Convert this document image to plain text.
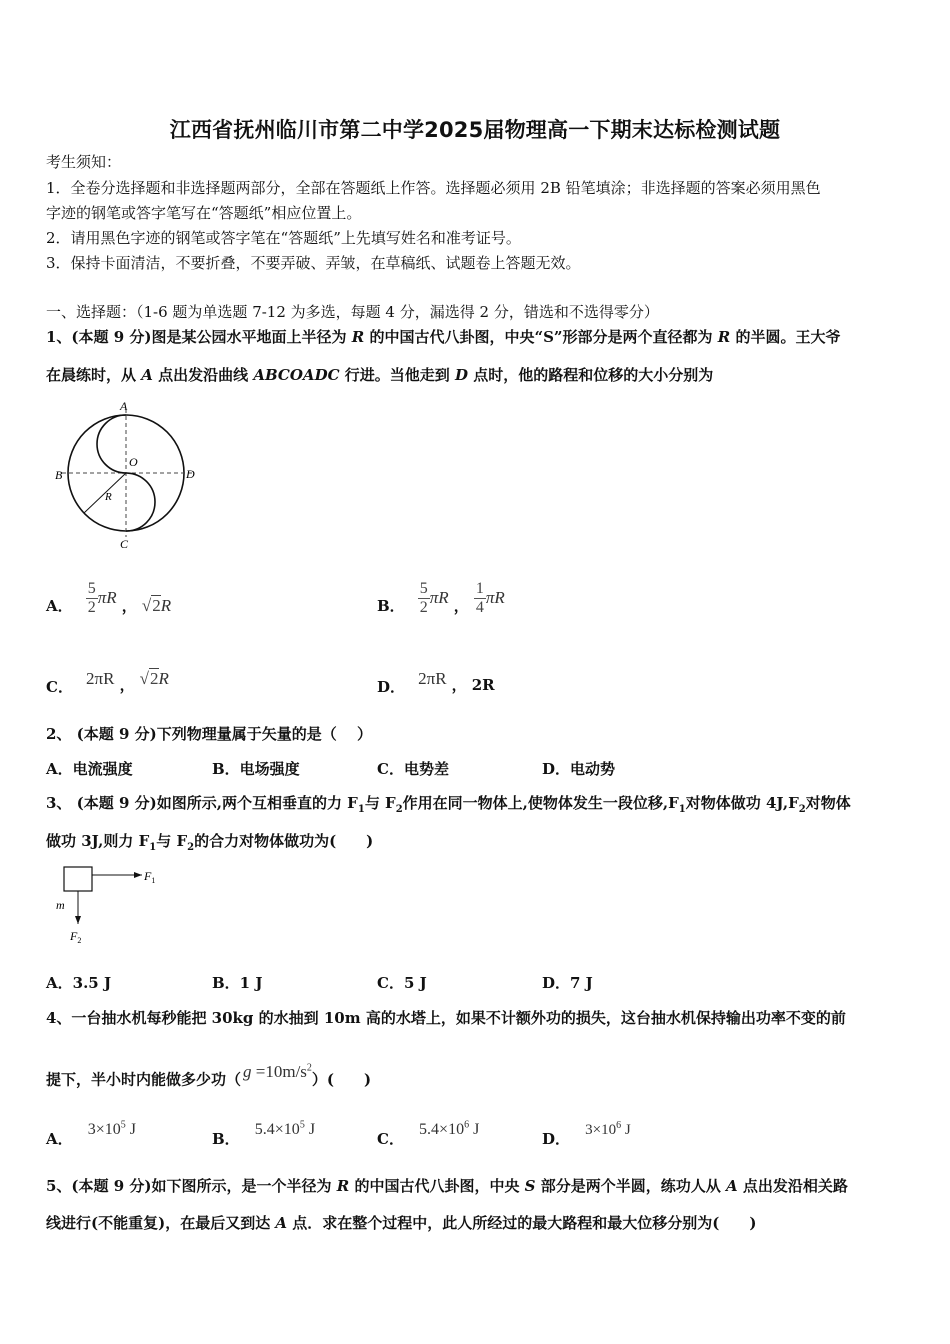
江西省抚州临川市第二中学2025届物理高一下期末达标检测试题
考生须知：
1．全卷分选择题和非选择题两部分，全部在答题纸上作答。选择题必须用 2B 铅笔填涂；非选择题的答案必须用黑色
字迹的钢笔或答字笔写在“答题纸”相应位置上。
2．请用黑色字迹的钢笔或答字笔在“答题纸”上先填写姓名和准考证号。
3．保持卡面清洁，不要折叠，不要弄破、弄皱，在草稿纸、试题卷上答题无效。
一、选择题：（1-6 题为单选题 7-12 为多选，每题 4 分，漏选得 2 分，错选和不选得零分）
1、(本题 9 分)图是某公园水平地面上半径为 R 的中国古代八卦图，中央“S”形部分是两个直径都为 R 的半圆。王大爷
在晨练时，从 A 点出发沿曲线 ABCOADC 行进。当他走到 D 点时，他的路程和位移的大小分别为
A
B
C
D
O
R
A． $\frac{5}{2}$ πR ， √2R	B． $\frac{5}{2}$ πR ， $\frac{1}{4}$ πR
C． 2πR ， √2R	D． 2πR ， 2R
2、 (本题 9 分)下列物理量属于矢量的是（　 ）
A．电流强度	B．电场强度	C．电势差	D．电动势
3、 (本题 9 分)如图所示,两个互相垂直的力 $F_1$与 $F_2$作用在同一物体上,使物体发生一段位移$,F_1$对物体做功 $4J,F_2$对物体
做功 3J,则力 $F_1$与 $F_2$的合力对物体做功为(　　)
$F_1$
m
$F_2$
A．3.5 J	B．1 J	C．5 J	D．7 J
4、一台抽水机每秒能把 30kg 的水抽到 10m 高的水塔上，如果不计额外功的损失，这台抽水机保持输出功率不变的前
提下，半小时内能做多少功（ $g =10m/s^2$）(　　)
A． $3\times 10^5$ J
B． $5.4\times 10^5$ J
C． $5.4\times 10^6$ J
D． $3\times 10^6$ J
5、(本题 9 分)如下图所示，是一个半径为 R 的中国古代八卦图，中央 S 部分是两个半圆，练功人从 A 点出发沿相关路
线进行(不能重复)，在最后又到达 A 点．求在整个过程中，此人所经过的最大路程和最大位移分别为(　　)
